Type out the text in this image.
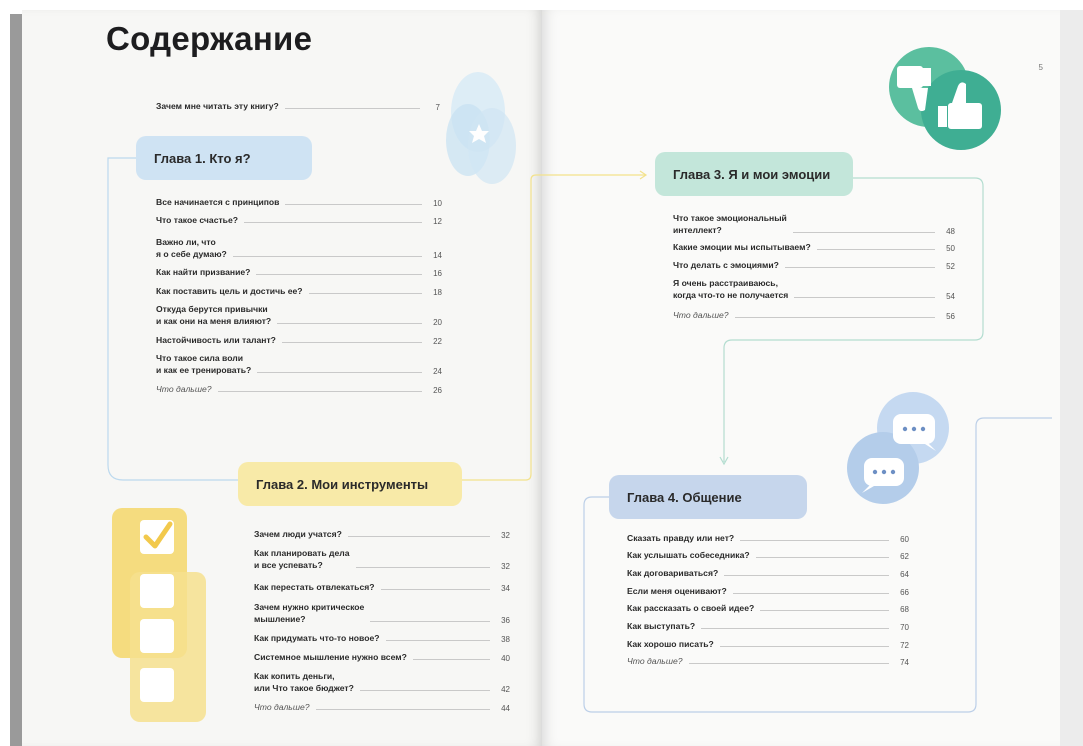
Содержание
5
Зачем мне читать эту книгу?	7
Глава 1. Кто я?
Глава 2. Мои инструменты
Глава 3. Я и мои эмоции
Глава 4. Общение
Все начинается с принципов	10
Что такое счастье?	12
Важно ли, что
я о себе думаю?	14
Как найти призвание?	16
Как поставить цель и достичь ее?	18
Откуда берутся привычки
и как они на меня влияют?	20
Настойчивость или талант?	22
Что такое сила воли
и как ее тренировать?	24
Что дальше?	26
Зачем люди учатся?	32
Как планировать дела
и все успевать?	32
Как перестать отвлекаться?	34
Зачем нужно критическое
мышление?	36
Как придумать что-то новое?	38
Системное мышление нужно всем?	40
Как копить деньги,
или Что такое бюджет?	42
Что дальше?	44
Что такое эмоциональный
интеллект?	48
Какие эмоции мы испытываем?	50
Что делать с эмоциями?	52
Я очень расстраиваюсь,
когда что-то не получается	54
Что дальше?	56
Сказать правду или нет?	60
Как услышать собеседника?	62
Как договариваться?	64
Если меня оценивают?	66
Как рассказать о своей идее?	68
Как выступать?	70
Как хорошо писать?	72
Что дальше?	74
